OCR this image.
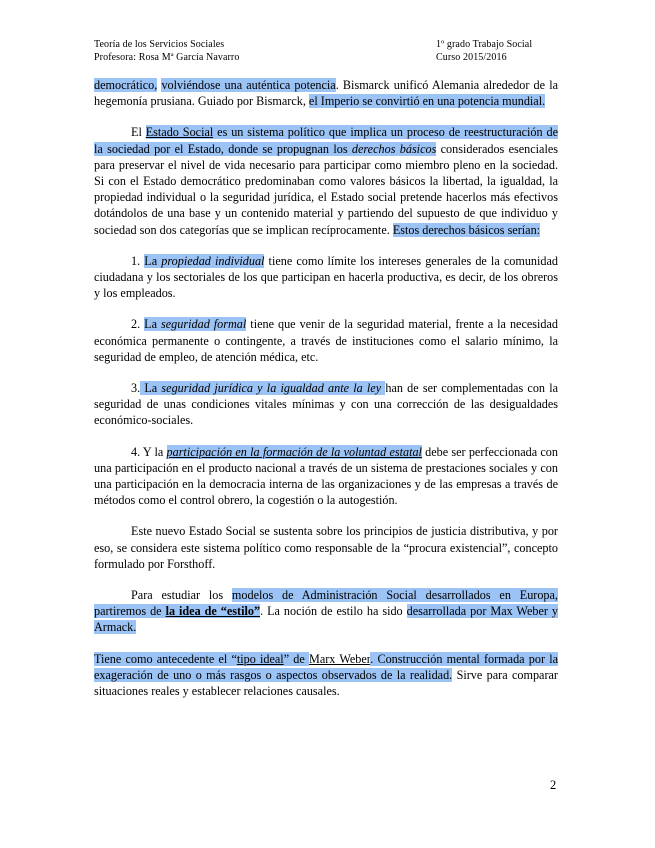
Teoría de los Servicios Sociales
Profesora: Rosa Mª García Navarro
1º grado Trabajo Social
Curso 2015/2016

democrático, volviéndose una auténtica potencia. Bismarck unificó Alemania alrededor de la hegemonía prusiana. Guiado por Bismarck, el Imperio se convirtió en una potencia mundial.

El Estado Social es un sistema político que implica un proceso de reestructuración de la sociedad por el Estado, donde se propugnan los derechos básicos considerados esenciales para preservar el nivel de vida necesario para participar como miembro pleno en la sociedad. Si con el Estado democrático predominaban como valores básicos la libertad, la igualdad, la propiedad individual o la seguridad jurídica, el Estado social pretende hacerlos más efectivos dotándolos de una base y un contenido material y partiendo del supuesto de que individuo y sociedad son dos categorías que se implican recíprocamente. Estos derechos básicos serían:

1. La propiedad individual tiene como límite los intereses generales de la comunidad ciudadana y los sectoriales de los que participan en hacerla productiva, es decir, de los obreros y los empleados.

2. La seguridad formal tiene que venir de la seguridad material, frente a la necesidad económica permanente o contingente, a través de instituciones como el salario mínimo, la seguridad de empleo, de atención médica, etc.

3. La seguridad jurídica y la igualdad ante la ley han de ser complementadas con la seguridad de unas condiciones vitales mínimas y con una corrección de las desigualdades económico-sociales.

4. Y la participación en la formación de la voluntad estatal debe ser perfeccionada con una participación en el producto nacional a través de un sistema de prestaciones sociales y con una participación en la democracia interna de las organizaciones y de las empresas a través de métodos como el control obrero, la cogestión o la autogestión.

Este nuevo Estado Social se sustenta sobre los principios de justicia distributiva, y por eso, se considera este sistema político como responsable de la “procura existencial”, concepto formulado por Forsthoff.

Para estudiar los modelos de Administración Social desarrollados en Europa, partiremos de la idea de “estilo”. La noción de estilo ha sido desarrollada por Max Weber y Armack.

Tiene como antecedente el “tipo ideal” de Marx Weber. Construcción mental formada por la exageración de uno o más rasgos o aspectos observados de la realidad. Sirve para comparar situaciones reales y establecer relaciones causales.

2
